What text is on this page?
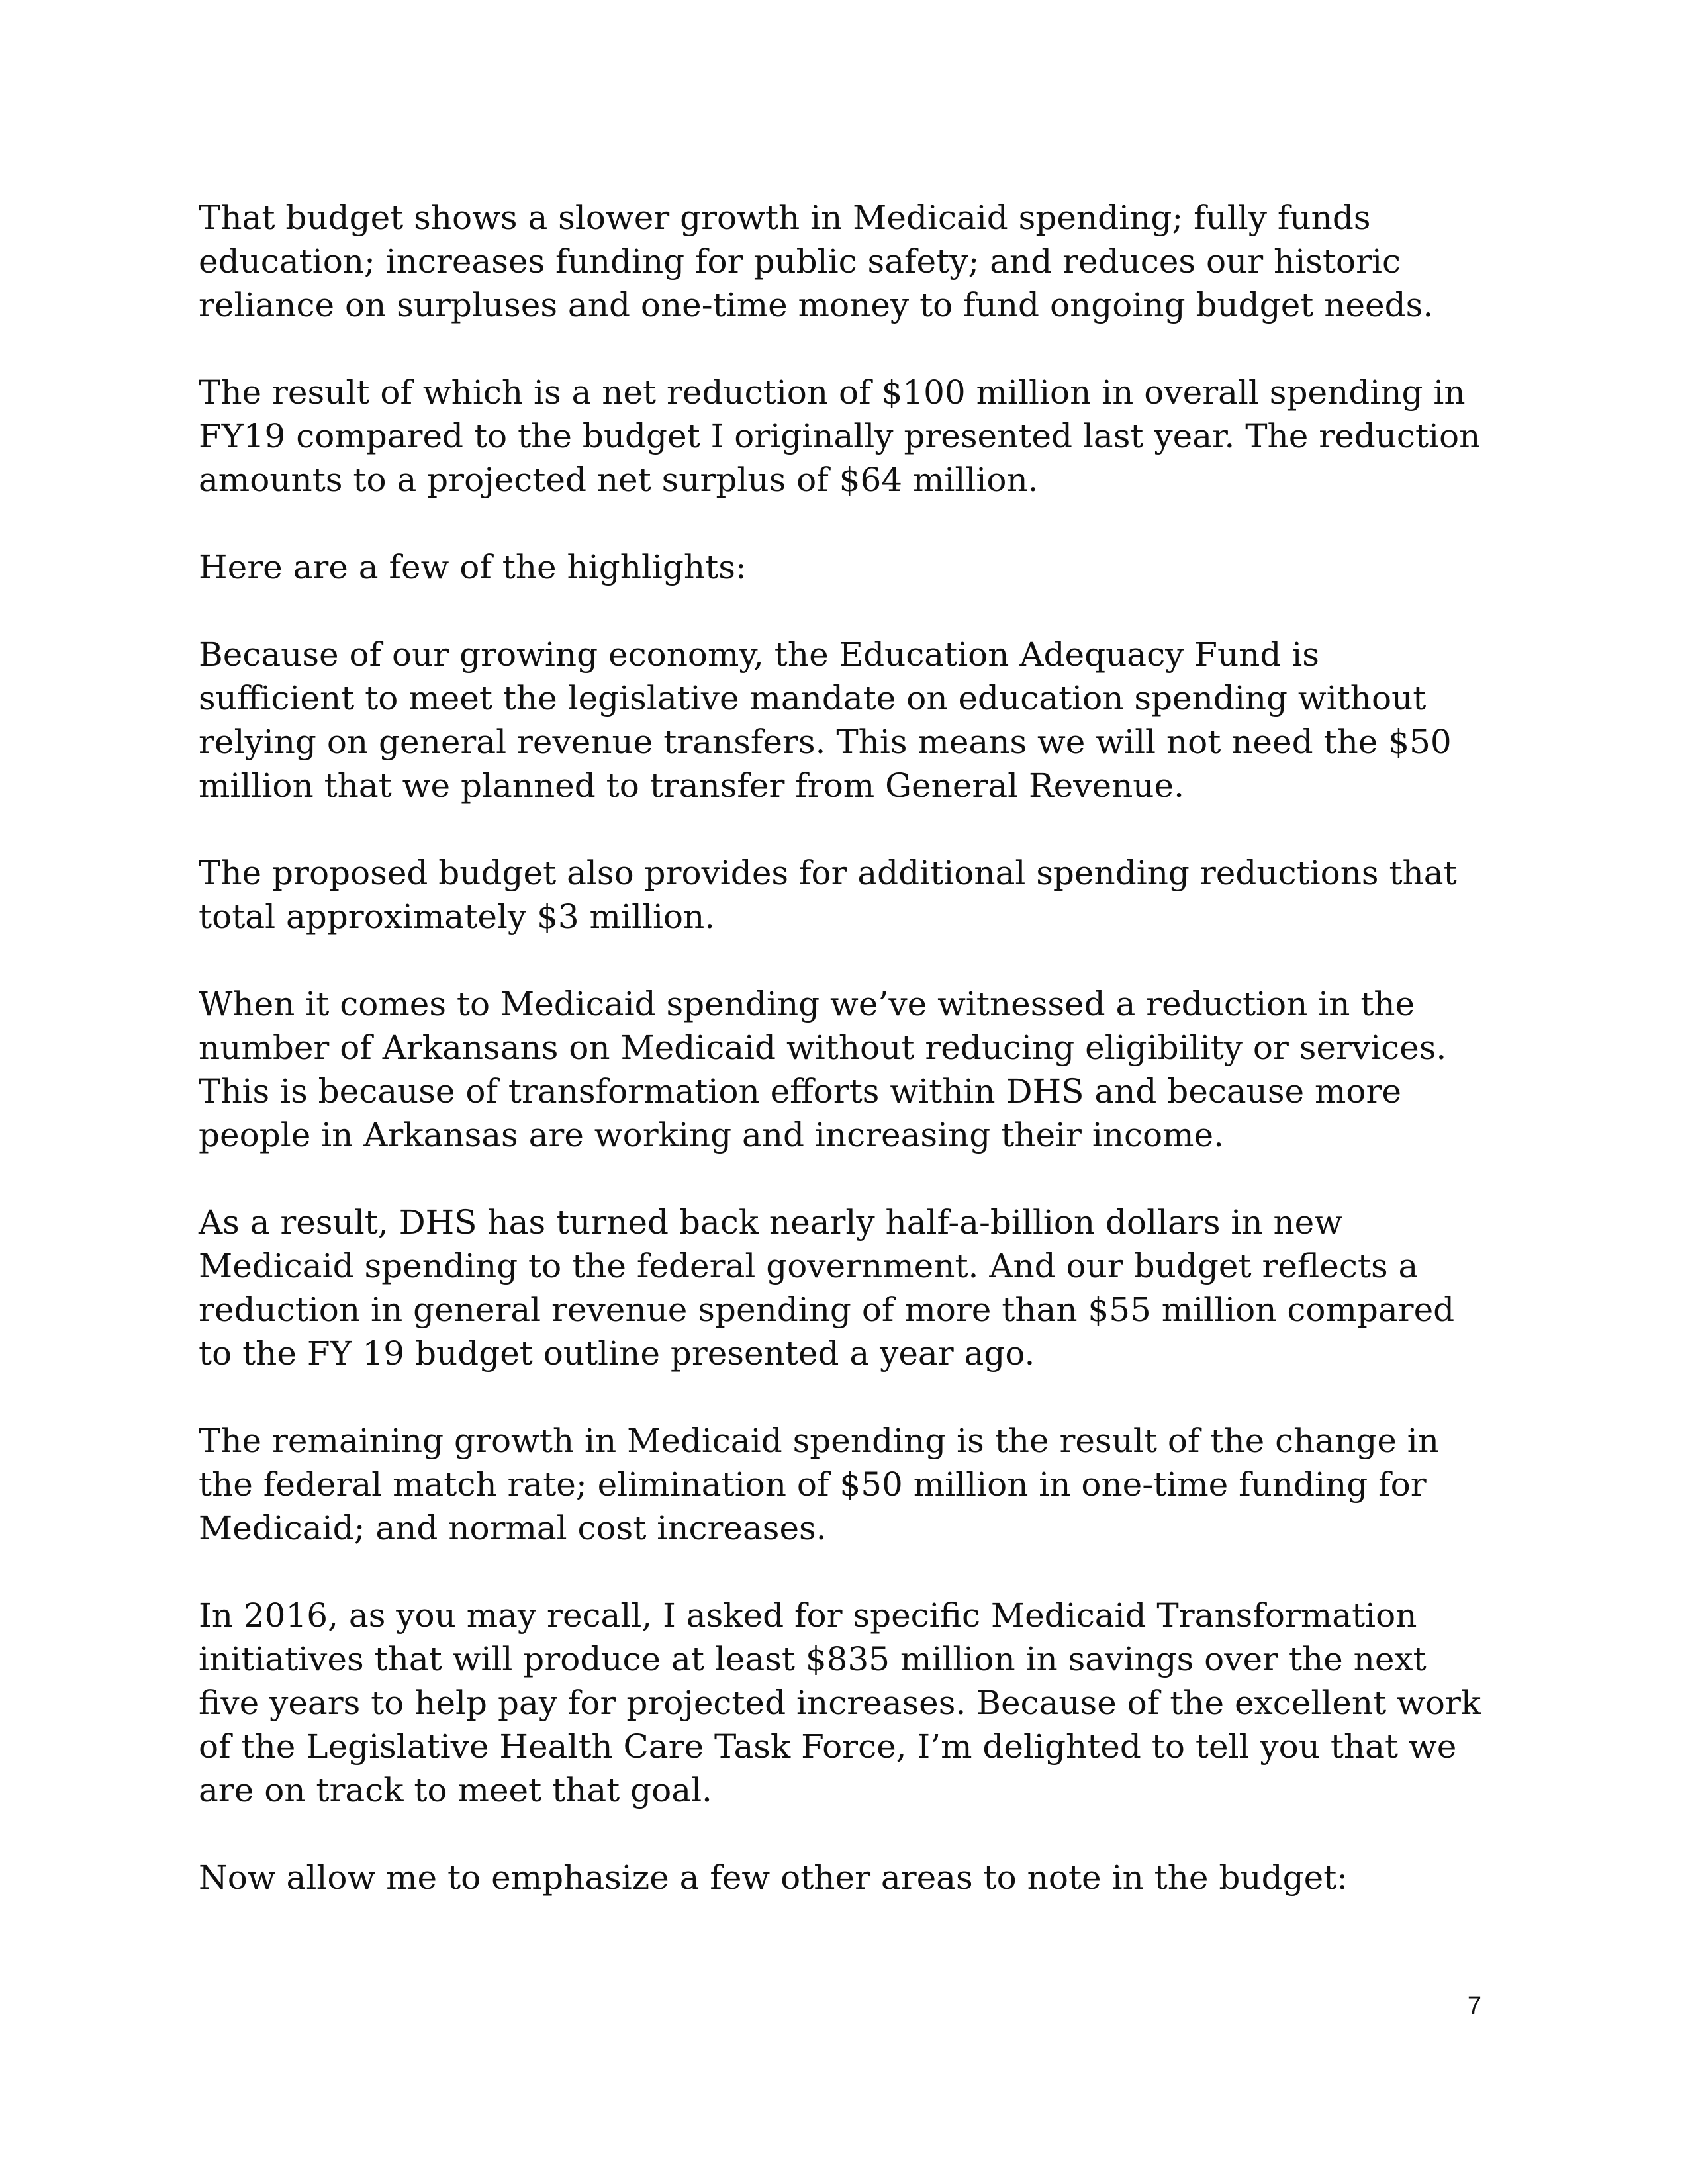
That budget shows a slower growth in Medicaid spending; fully funds
education; increases funding for public safety; and reduces our historic
reliance on surpluses and one-time money to fund ongoing budget needs.

The result of which is a net reduction of $100 million in overall spending in
FY19 compared to the budget I originally presented last year. The reduction
amounts to a projected net surplus of $64 million.

Here are a few of the highlights:

Because of our growing economy, the Education Adequacy Fund is
sufficient to meet the legislative mandate on education spending without
relying on general revenue transfers. This means we will not need the $50
million that we planned to transfer from General Revenue.

The proposed budget also provides for additional spending reductions that
total approximately $3 million.

When it comes to Medicaid spending we’ve witnessed a reduction in the
number of Arkansans on Medicaid without reducing eligibility or services.
This is because of transformation efforts within DHS and because more
people in Arkansas are working and increasing their income.

As a result, DHS has turned back nearly half-a-billion dollars in new
Medicaid spending to the federal government. And our budget reflects a
reduction in general revenue spending of more than $55 million compared
to the FY 19 budget outline presented a year ago.

The remaining growth in Medicaid spending is the result of the change in
the federal match rate; elimination of $50 million in one-time funding for
Medicaid; and normal cost increases.

In 2016, as you may recall, I asked for specific Medicaid Transformation
initiatives that will produce at least $835 million in savings over the next
five years to help pay for projected increases. Because of the excellent work
of the Legislative Health Care Task Force, I’m delighted to tell you that we
are on track to meet that goal.

Now allow me to emphasize a few other areas to note in the budget:

7
